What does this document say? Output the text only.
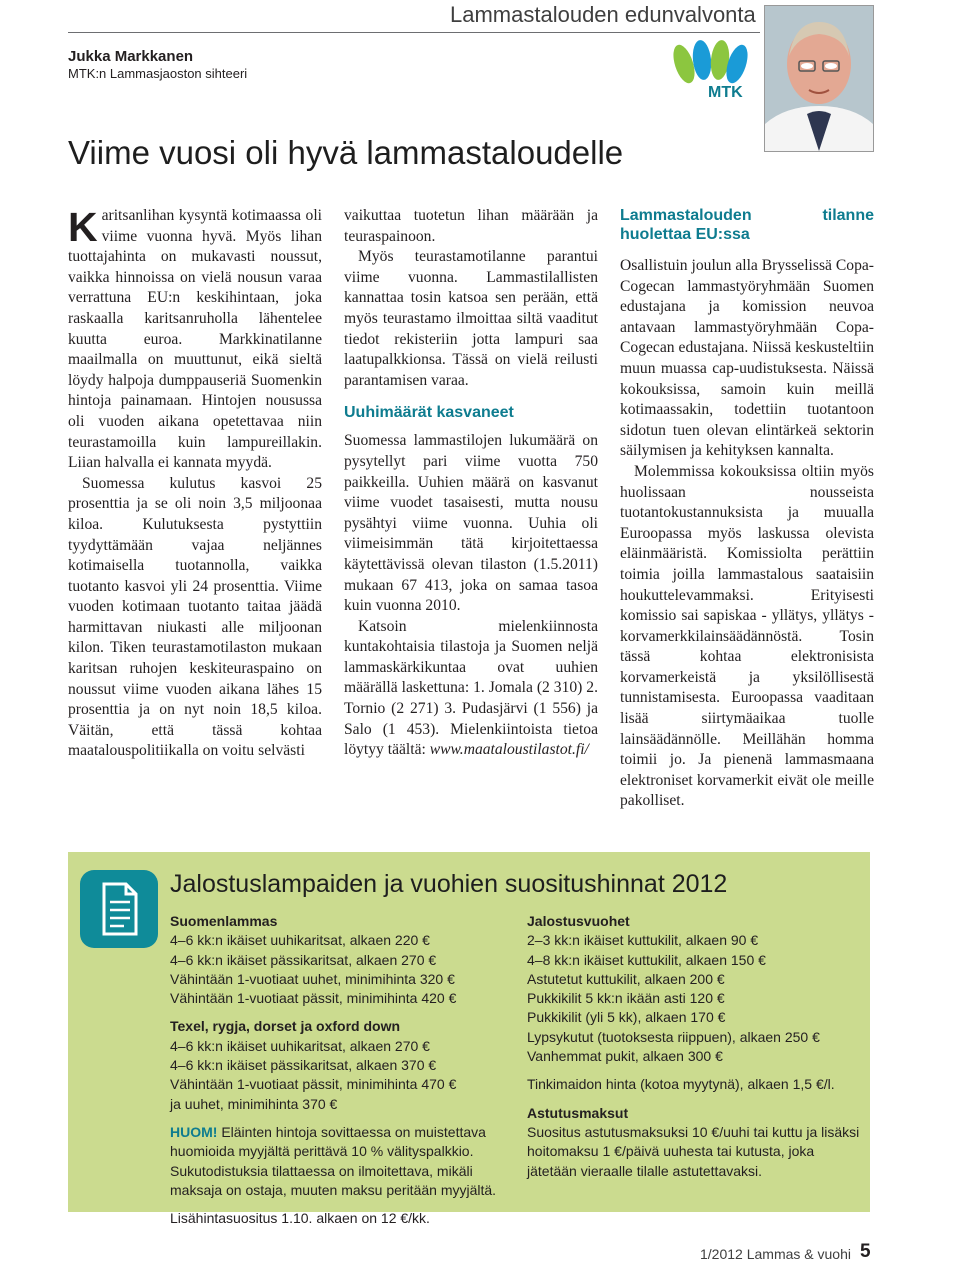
Lammastalouden edunvalvonta
Jukka Markkanen
MTK:n Lammasjaoston sihteeri
MTK
Viime vuosi oli hyvä lammastaloudelle

Karitsanlihan kysyntä kotimaassa oli viime vuonna hyvä. Myös lihan tuottajahinta on mukavasti noussut, vaikka hinnoissa on vielä nousun varaa verrattuna EU:n keskihintaan, joka raskaalla karitsanruholla lähentelee kuutta euroa. Markkinatilanne maailmalla on muuttunut, eikä sieltä löydy halpoja dumppauseriä Suomenkin hintoja painamaan. Hintojen nousussa oli vuoden aikana opetettavaa niin teurastamoilla kuin lampureillakin. Liian halvalla ei kannata myydä.

Suomessa kulutus kasvoi 25 prosenttia ja se oli noin 3,5 miljoonaa kiloa. Kulutuksesta pystyttiin tyydyttämään vajaa neljännes kotimaisella tuotannolla, vaikka tuotanto kasvoi yli 24 prosenttia. Viime vuoden kotimaan tuotanto taitaa jäädä harmittavan niukasti alle miljoonan kilon. Tiken teurastamotilaston mukaan karitsan ruhojen keskiteuraspaino on noussut viime vuoden aikana lähes 15 prosenttia ja on nyt noin 18,5 kiloa. Väitän, että tässä kohtaa maatalouspolitiikalla on voitu selvästi

vaikuttaa tuotetun lihan määrään ja teuraspainoon.

Myös teurastamotilanne parantui viime vuonna. Lammastilallisten kannattaa tosin katsoa sen perään, että myös teurastamo ilmoittaa siltä vaaditut tiedot rekisteriin jotta lampuri saa laatupalkkionsa. Tässä on vielä reilusti parantamisen varaa.

Uuhimäärät kasvaneet

Suomessa lammastilojen lukumäärä on pysytellyt pari viime vuotta 750 paikkeilla. Uuhien määrä on kasvanut viime vuodet tasaisesti, mutta nousu pysähtyi viime vuonna. Uuhia oli viimeisimmän tätä kirjoitettaessa käytettävissä olevan tilaston (1.5.2011) mukaan 67 413, joka on samaa tasoa kuin vuonna 2010.

Katsoin mielenkiinnosta kuntakohtaisia tilastoja ja Suomen neljä lammaskärkikuntaa ovat uuhien määrällä laskettuna: 1. Jomala (2 310) 2. Tornio (2 271) 3. Pudasjärvi (1 556) ja Salo (1 453). Mielenkiintoista tietoa löytyy täältä: www.maataloustilastot.fi/

Lammastalouden tilanne huolettaa EU:ssa

Osallistuin joulun alla Brysselissä Copa-Cogecan lammastyöryhmään Suomen edustajana ja komission neuvoa antavaan lammastyöryhmään Copa-Cogecan edustajana. Niissä keskusteltiin muun muassa cap-uudistuksesta. Näissä kokouksissa, samoin kuin meillä kotimaassakin, todettiin tuotantoon sidotun tuen olevan elintärkeä sektorin säilymisen ja kehityksen kannalta.

Molemmissa kokouksissa oltiin myös huolissaan nousseista tuotantokustannuksista ja muualla Euroopassa myös laskussa olevista eläinmääristä. Komissiolta perättiin toimia joilla lammastalous saataisiin houkuttelevammaksi. Erityisesti komissio sai sapiskaa - yllätys, yllätys - korvamerkkilainsäädännöstä. Tosin tässä kohtaa elektronisista korvamerkeistä ja yksilöllisestä tunnistamisesta. Euroopassa vaaditaan lisää siirtymäaikaa tuolle lainsäädännölle. Meillähän homma toimii jo. Ja pienenä lammasmaana elektroniset korvamerkit eivät ole meille pakolliset.

Jalostuslampaiden ja vuohien suositushinnat 2012
Suomenlammas
4–6 kk:n ikäiset uuhikaritsat, alkaen 220 €
4–6 kk:n ikäiset pässikaritsat, alkaen 270 €
Vähintään 1-vuotiaat uuhet, minimihinta 320 €
Vähintään 1-vuotiaat pässit, minimihinta 420 €
Texel, rygja, dorset ja oxford down
4–6 kk:n ikäiset uuhikaritsat, alkaen 270 €
4–6 kk:n ikäiset pässikaritsat, alkaen 370 €
Vähintään 1-vuotiaat pässit, minimihinta 470 €
ja uuhet, minimihinta 370 €
HUOM! Eläinten hintoja sovittaessa on muistettava huomioida myyjältä perittävä 10 % välityspalkkio. Sukutodistuksia tilattaessa on ilmoitettava, mikäli maksaja on ostaja, muuten maksu peritään myyjältä.
Lisähintasuositus 1.10. alkaen on 12 €/kk.
Jalostusvuohet
2–3 kk:n ikäiset kuttukilit, alkaen 90 €
4–8 kk:n ikäiset kuttukilit, alkaen 150 €
Astutetut kuttukilit, alkaen 200 €
Pukkikilit 5 kk:n ikään asti 120 €
Pukkikilit (yli 5 kk), alkaen 170 €
Lypsykutut (tuotoksesta riippuen), alkaen 250 €
Vanhemmat pukit, alkaen 300 €
Tinkimaidon hinta (kotoa myytynä), alkaen 1,5 €/l.
Astutusmaksut
Suositus astutusmaksuksi 10 €/uuhi tai kuttu ja lisäksi hoitomaksu 1 €/päivä uuhesta tai kutusta, joka jätetään vieraalle tilalle astutettavaksi.
1/2012 Lammas & vuohi 5
